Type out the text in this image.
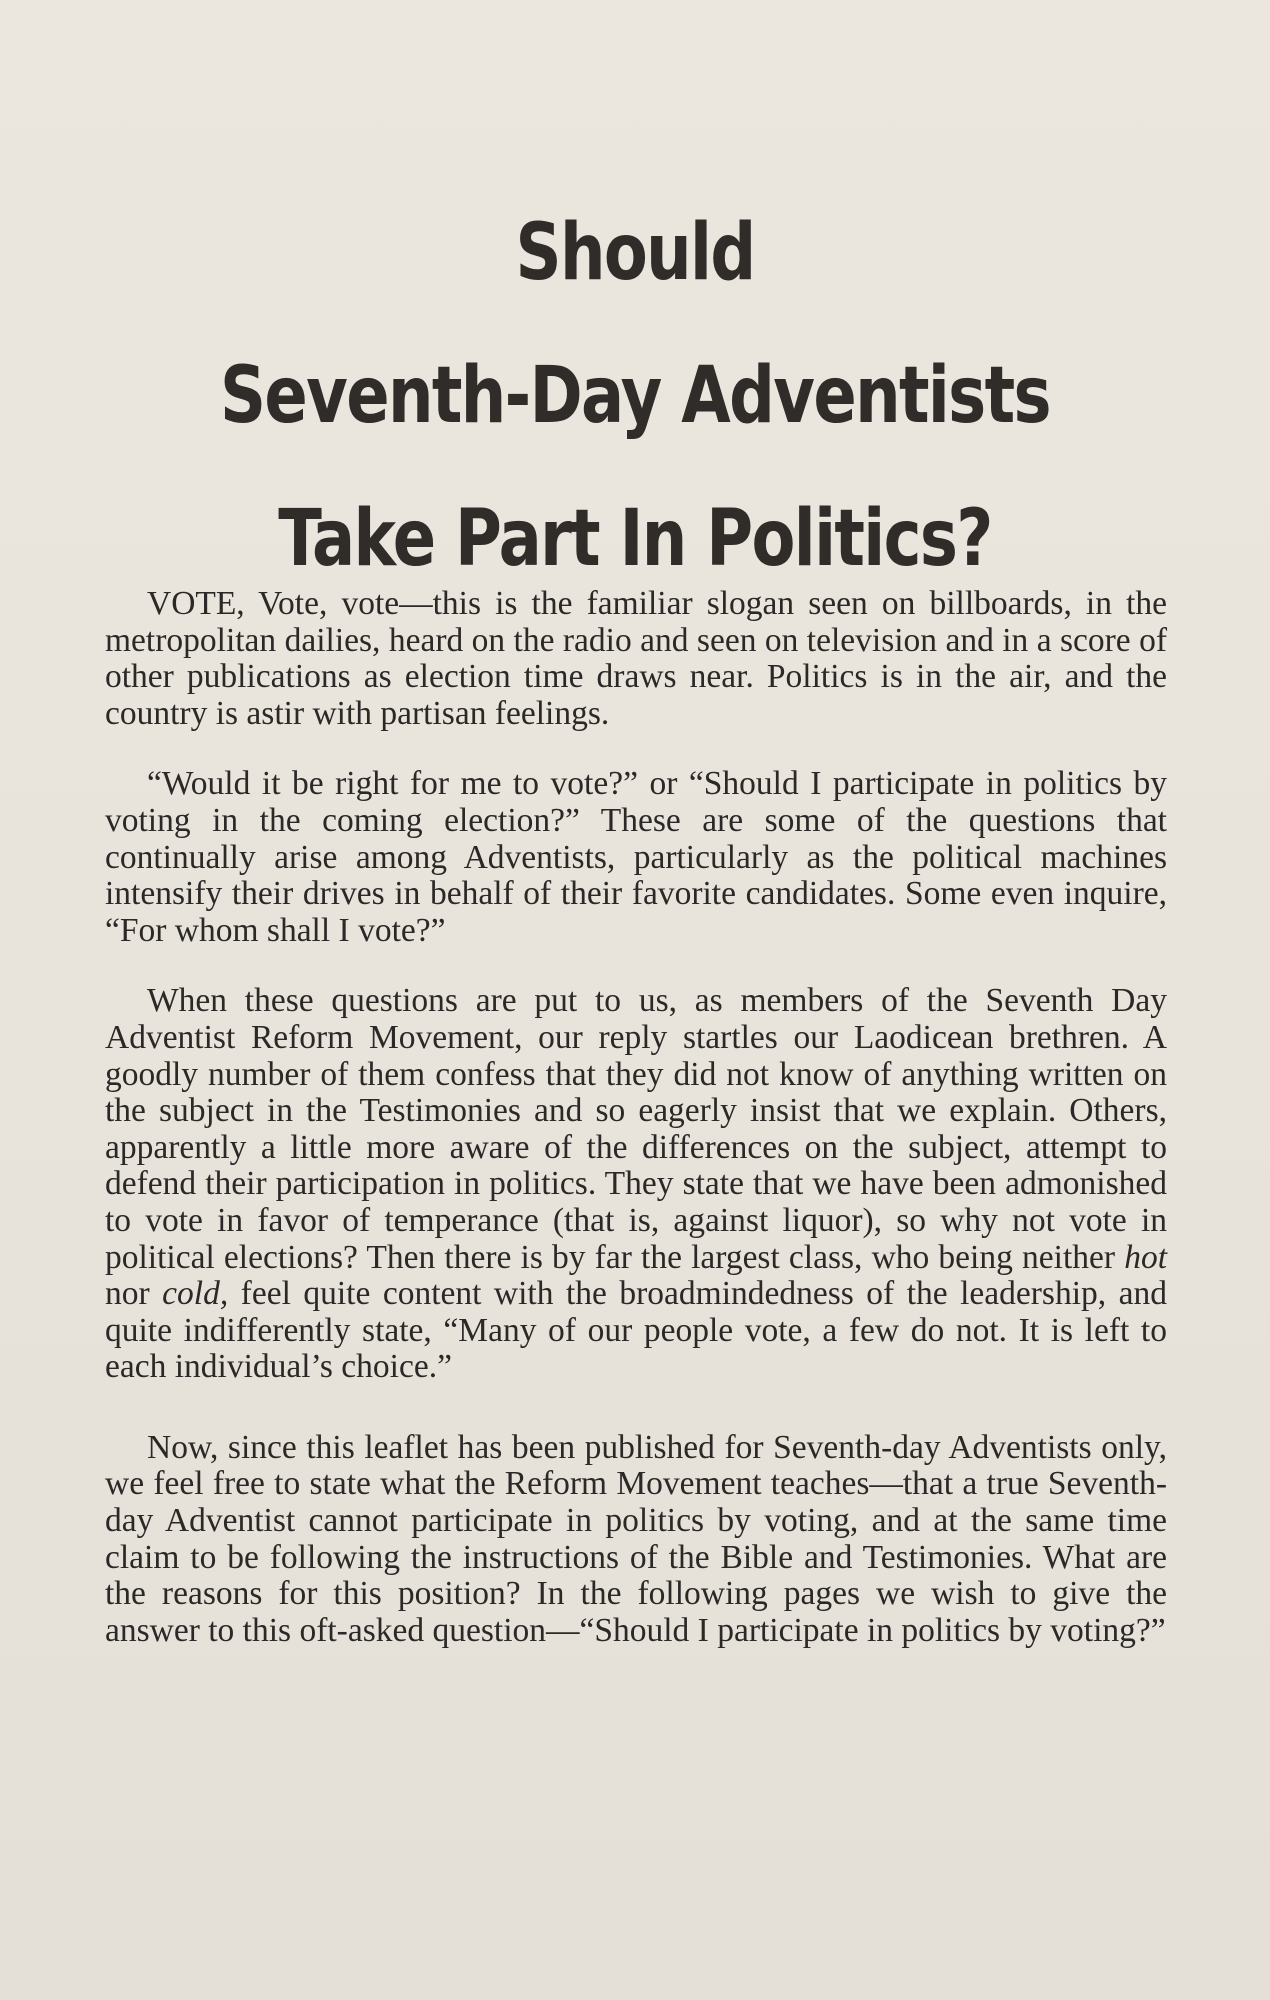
Should
Seventh-Day Adventists
Take Part In Politics?

VOTE, Vote, vote—this is the familiar slogan seen on billboards, in the metropolitan dailies, heard on the radio and seen on television and in a score of other publications as election time draws near. Politics is in the air, and the country is astir with partisan feelings.

“Would it be right for me to vote?” or “Should I participate in politics by voting in the coming election?” These are some of the questions that continually arise among Adventists, particularly as the political machines intensify their drives in behalf of their favorite candidates. Some even inquire, “For whom shall I vote?”

When these questions are put to us, as members of the Seventh Day Adventist Reform Movement, our reply startles our Laodicean brethren. A goodly number of them confess that they did not know of anything written on the subject in the Testimonies and so eagerly insist that we explain. Others, apparently a little more aware of the differences on the subject, attempt to defend their participation in politics. They state that we have been admonished to vote in favor of temperance (that is, against liquor), so why not vote in political elections? Then there is by far the largest class, who being neither hot nor cold, feel quite content with the broadmindedness of the leadership, and quite indifferently state, “Many of our people vote, a few do not. It is left to each individual’s choice.”

Now, since this leaflet has been published for Seventh-day Adventists only, we feel free to state what the Reform Movement teaches—that a true Seventh-day Adventist cannot participate in politics by voting, and at the same time claim to be following the instructions of the Bible and Testimonies. What are the reasons for this position? In the following pages we wish to give the answer to this oft-asked question—“Should I participate in politics by voting?”
